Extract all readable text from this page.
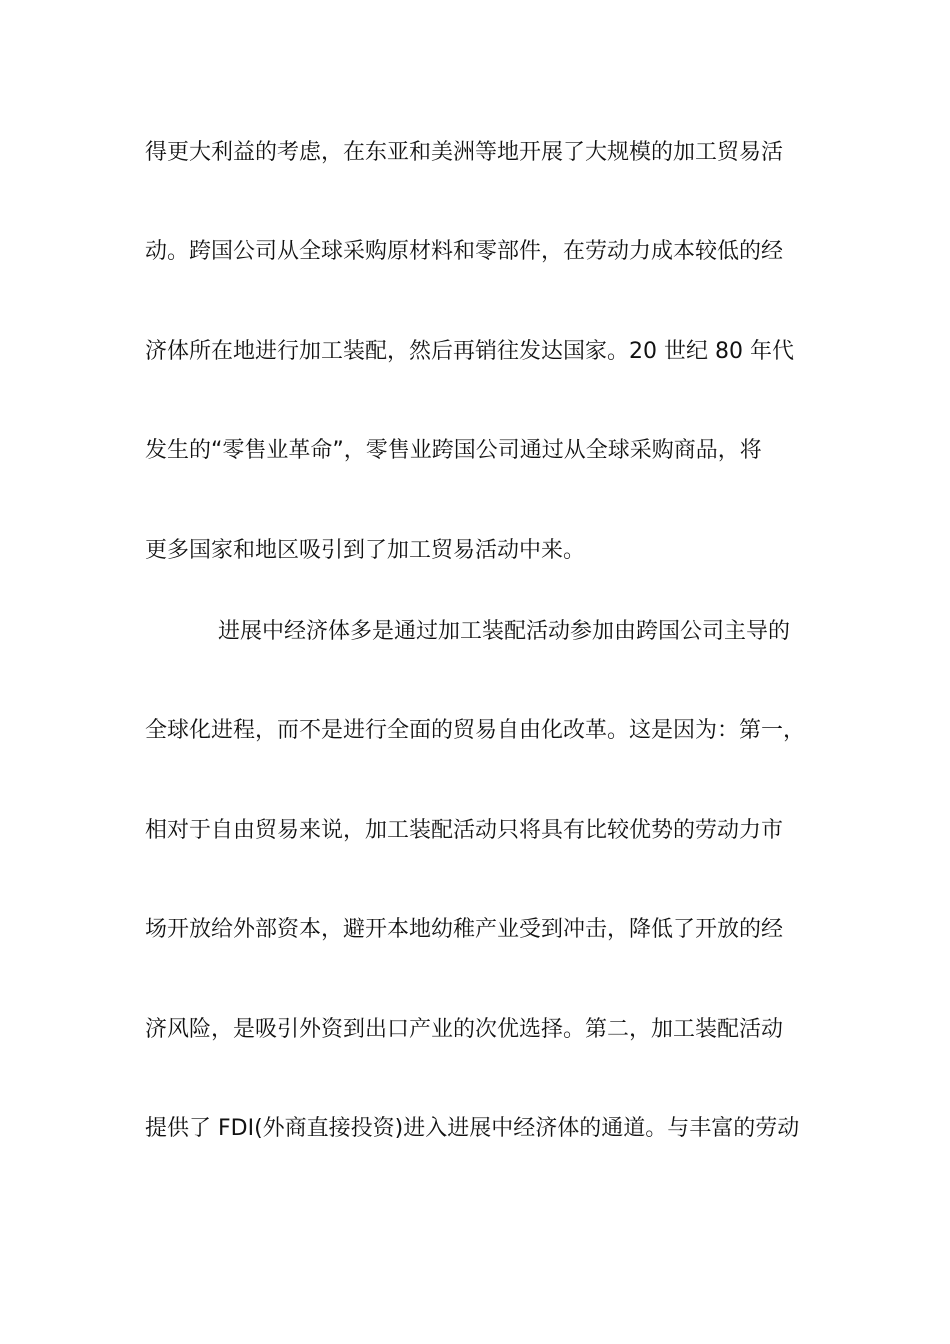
得更大利益的考虑，在东亚和美洲等地开展了大规模的加工贸易活
动。跨国公司从全球采购原材料和零部件，在劳动力成本较低的经
济体所在地进行加工装配，然后再销往发达国家。20 世纪 80 年代
发生的“零售业革命”，零售业跨国公司通过从全球采购商品，将
更多国家和地区吸引到了加工贸易活动中来。
进展中经济体多是通过加工装配活动参加由跨国公司主导的
全球化进程，而不是进行全面的贸易自由化改革。这是因为：第一，
相对于自由贸易来说，加工装配活动只将具有比较优势的劳动力市
场开放给外部资本，避开本地幼稚产业受到冲击，降低了开放的经
济风险，是吸引外资到出口产业的次优选择。第二，加工装配活动
提供了 FDI(外商直接投资)进入进展中经济体的通道。与丰富的劳动
